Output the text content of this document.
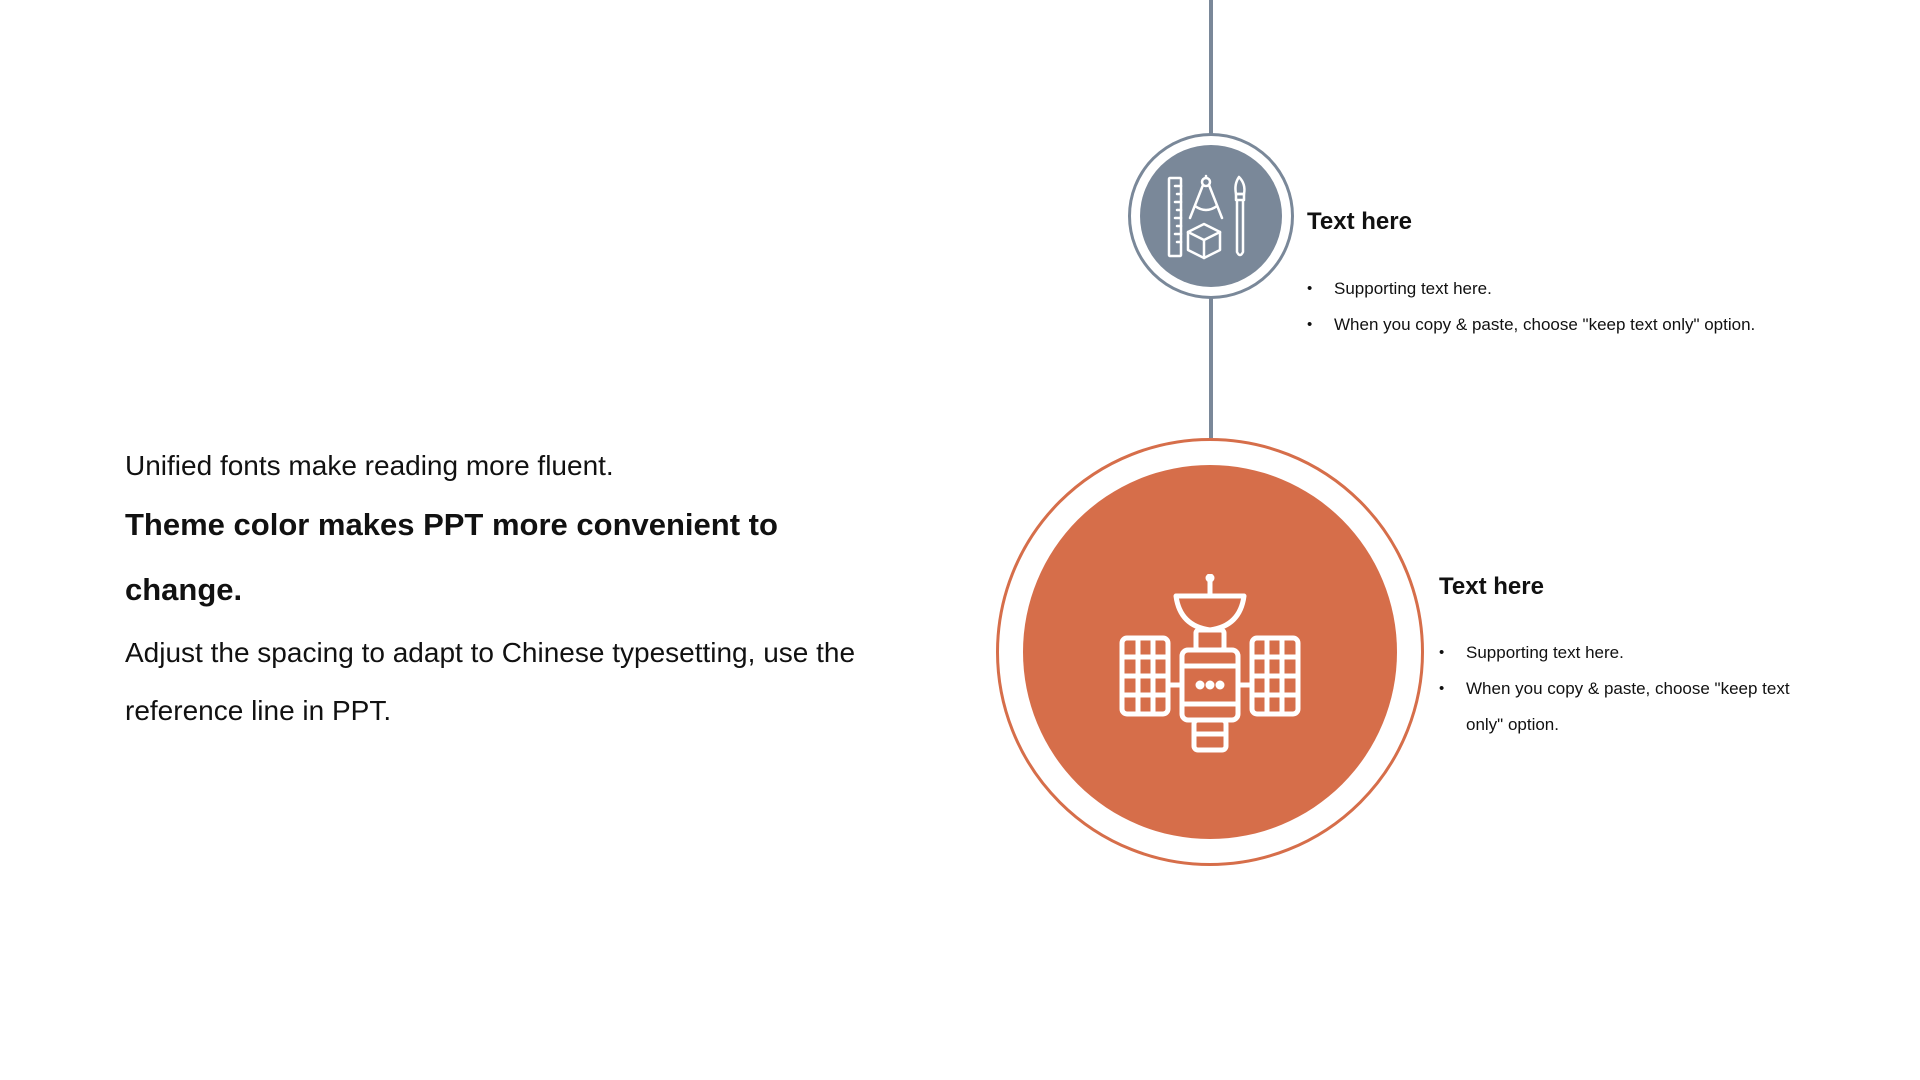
Text here
• Supporting text here.
• When you copy & paste, choose "keep text only" option.
Text here
• Supporting text here.
• When you copy & paste, choose "keep text only" option.

Unified fonts make reading more fluent.

Theme color makes PPT more convenient to change.

Adjust the spacing to adapt to Chinese typesetting, use the reference line in PPT.
